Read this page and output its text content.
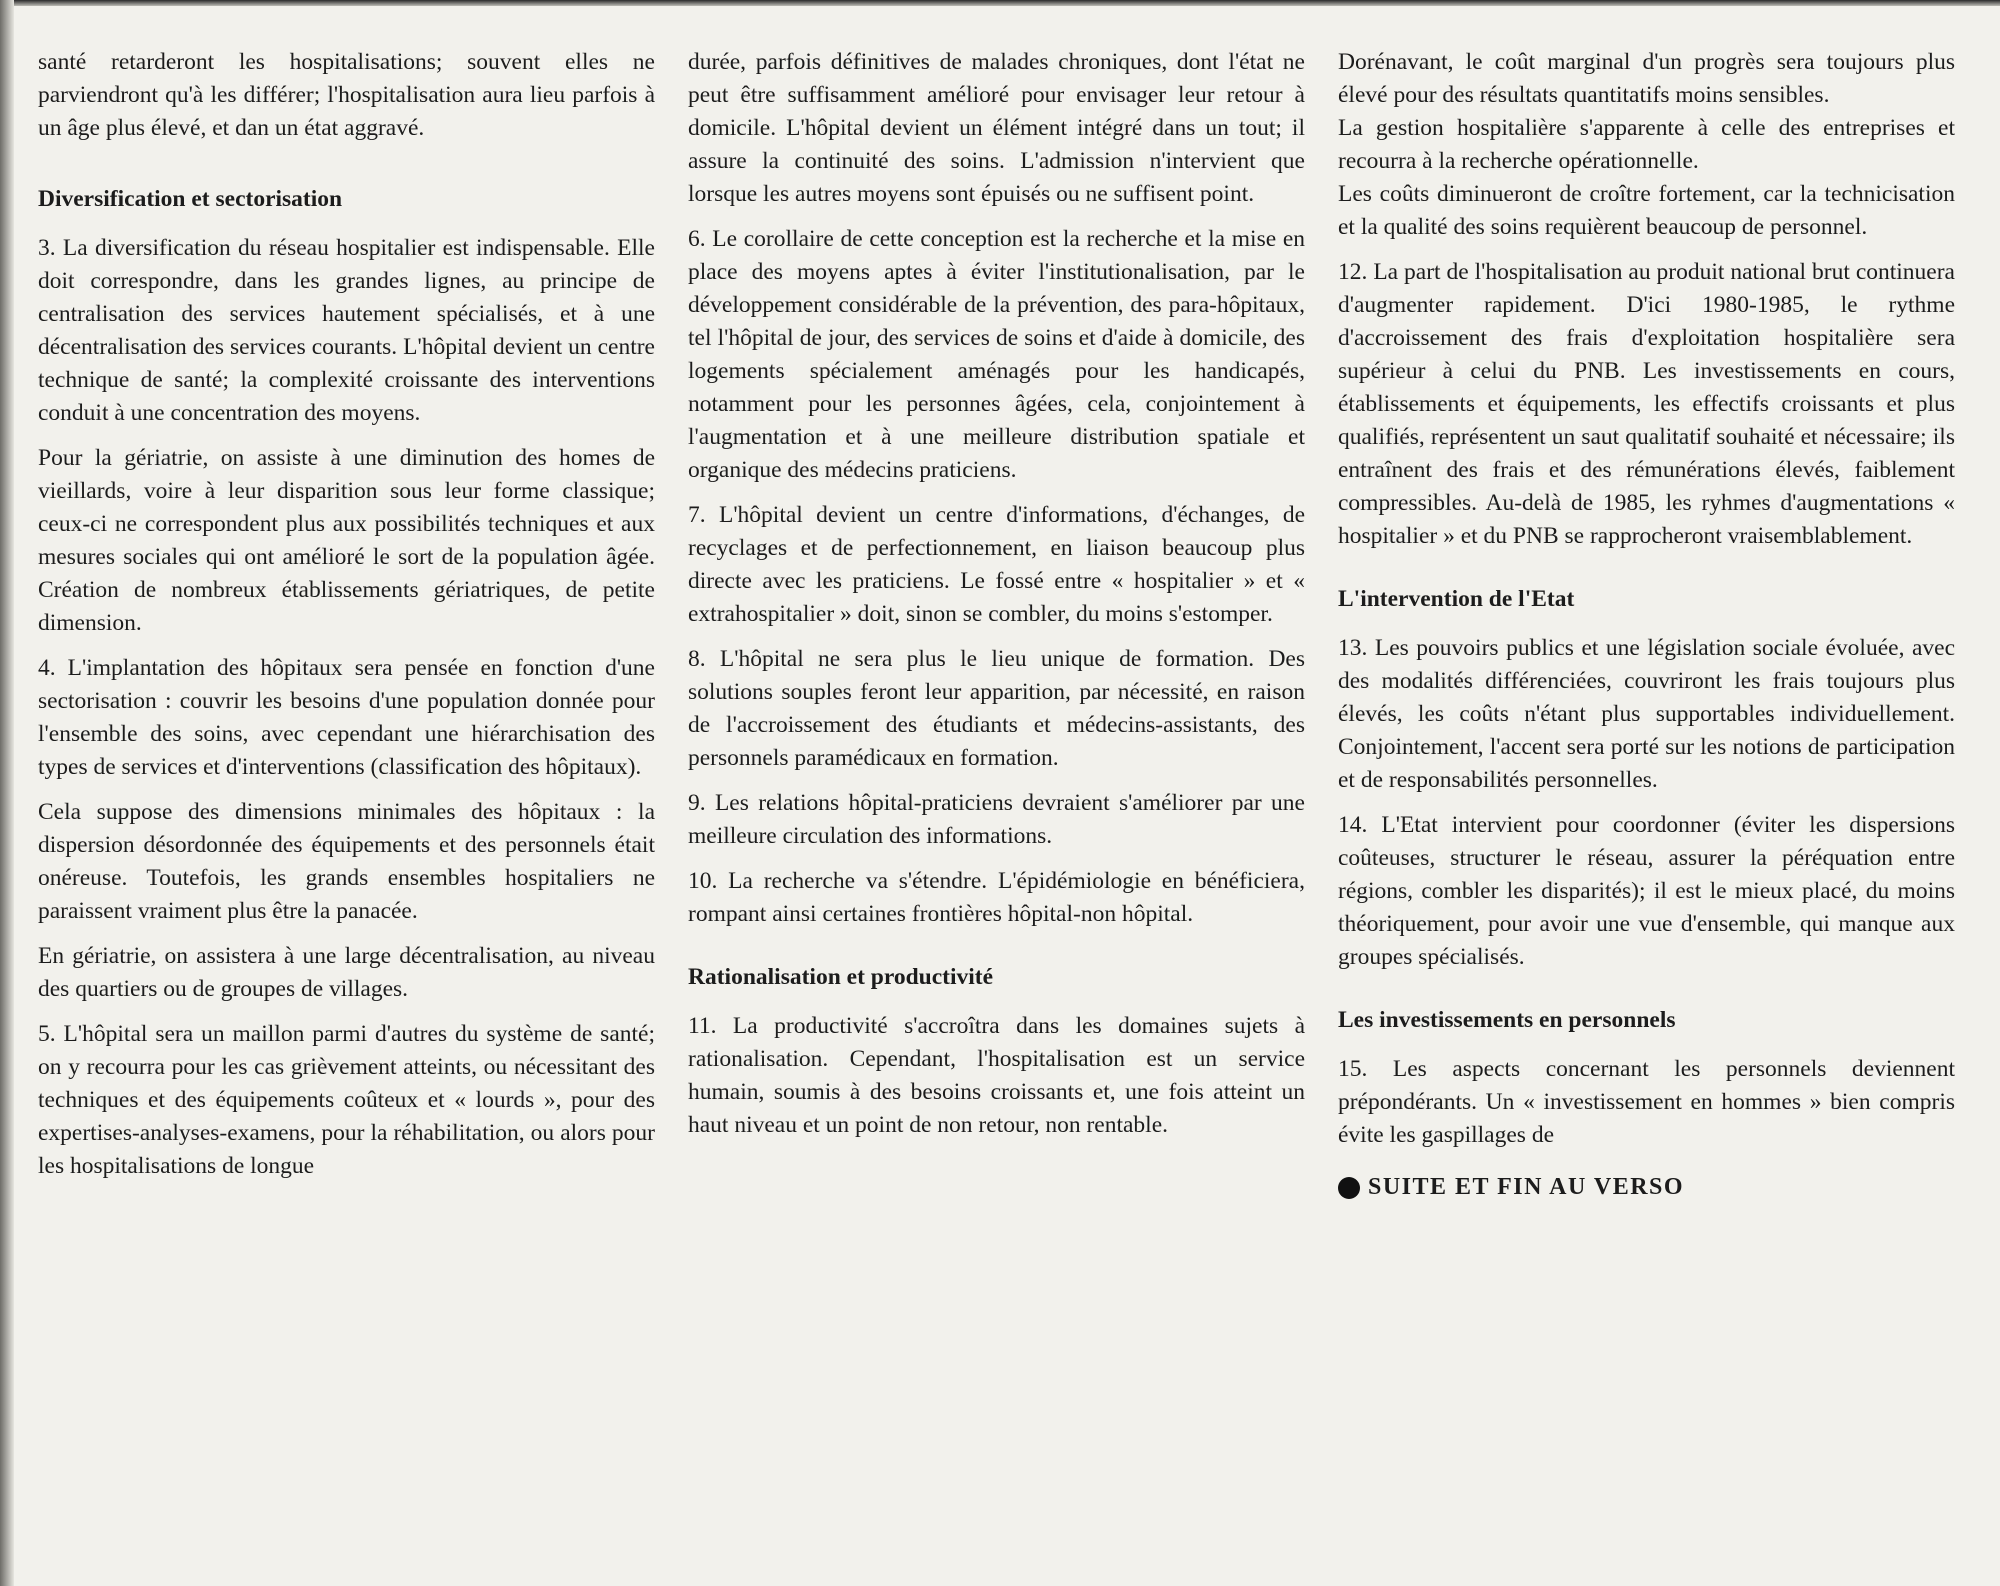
santé retarderont les hospitalisations; souvent elles ne parviendront qu'à les différer; l'hospitalisation aura lieu parfois à un âge plus élevé, et dan un état aggravé.

Diversification et sectorisation

3. La diversification du réseau hospitalier est indispensable. Elle doit correspondre, dans les grandes lignes, au principe de centralisation des services hautement spécialisés, et à une décentralisation des services courants. L'hôpital devient un centre technique de santé; la complexité croissante des interventions conduit à une concentration des moyens.

Pour la gériatrie, on assiste à une diminution des homes de vieillards, voire à leur disparition sous leur forme classique; ceux-ci ne correspondent plus aux possibilités techniques et aux mesures sociales qui ont amélioré le sort de la population âgée. Création de nombreux établissements gériatriques, de petite dimension.

4. L'implantation des hôpitaux sera pensée en fonction d'une sectorisation : couvrir les besoins d'une population donnée pour l'ensemble des soins, avec cependant une hiérarchisation des types de services et d'interventions (classification des hôpitaux).

Cela suppose des dimensions minimales des hôpitaux : la dispersion désordonnée des équipements et des personnels était onéreuse. Toutefois, les grands ensembles hospitaliers ne paraissent vraiment plus être la panacée.

En gériatrie, on assistera à une large décentralisation, au niveau des quartiers ou de groupes de villages.

5. L'hôpital sera un maillon parmi d'autres du système de santé; on y recourra pour les cas grièvement atteints, ou nécessitant des techniques et des équipements coûteux et « lourds », pour des expertises-analyses-examens, pour la réhabilitation, ou alors pour les hospitalisations de longue

durée, parfois définitives de malades chroniques, dont l'état ne peut être suffisamment amélioré pour envisager leur retour à domicile. L'hôpital devient un élément intégré dans un tout; il assure la continuité des soins. L'admission n'intervient que lorsque les autres moyens sont épuisés ou ne suffisent point.

6. Le corollaire de cette conception est la recherche et la mise en place des moyens aptes à éviter l'institutionalisation, par le développement considérable de la prévention, des para-hôpitaux, tel l'hôpital de jour, des services de soins et d'aide à domicile, des logements spécialement aménagés pour les handicapés, notamment pour les personnes âgées, cela, conjointement à l'augmentation et à une meilleure distribution spatiale et organique des médecins praticiens.

7. L'hôpital devient un centre d'informations, d'échanges, de recyclages et de perfectionnement, en liaison beaucoup plus directe avec les praticiens. Le fossé entre « hospitalier » et « extrahospitalier » doit, sinon se combler, du moins s'estomper.

8. L'hôpital ne sera plus le lieu unique de formation. Des solutions souples feront leur apparition, par nécessité, en raison de l'accroissement des étudiants et médecins-assistants, des personnels paramédicaux en formation.

9. Les relations hôpital-praticiens devraient s'améliorer par une meilleure circulation des informations.

10. La recherche va s'étendre. L'épidémiologie en bénéficiera, rompant ainsi certaines frontières hôpital-non hôpital.

Rationalisation et productivité

11. La productivité s'accroîtra dans les domaines sujets à rationalisation. Cependant, l'hospitalisation est un service humain, soumis à des besoins croissants et, une fois atteint un haut niveau et un point de non retour, non rentable.

Dorénavant, le coût marginal d'un progrès sera toujours plus élevé pour des résultats quantitatifs moins sensibles.

La gestion hospitalière s'apparente à celle des entreprises et recourra à la recherche opérationnelle.

Les coûts diminueront de croître fortement, car la technicisation et la qualité des soins requièrent beaucoup de personnel.

12. La part de l'hospitalisation au produit national brut continuera d'augmenter rapidement. D'ici 1980-1985, le rythme d'accroissement des frais d'exploitation hospitalière sera supérieur à celui du PNB. Les investissements en cours, établissements et équipements, les effectifs croissants et plus qualifiés, représentent un saut qualitatif souhaité et nécessaire; ils entraînent des frais et des rémunérations élevés, faiblement compressibles. Au-delà de 1985, les ryhmes d'augmentations « hospitalier » et du PNB se rapprocheront vraisemblablement.

L'intervention de l'Etat

13. Les pouvoirs publics et une législation sociale évoluée, avec des modalités différenciées, couvriront les frais toujours plus élevés, les coûts n'étant plus supportables individuellement. Conjointement, l'accent sera porté sur les notions de participation et de responsabilités personnelles.

14. L'Etat intervient pour coordonner (éviter les dispersions coûteuses, structurer le réseau, assurer la péréquation entre régions, combler les disparités); il est le mieux placé, du moins théoriquement, pour avoir une vue d'ensemble, qui manque aux groupes spécialisés.

Les investissements en personnels

15. Les aspects concernant les personnels deviennent prépondérants. Un « investissement en hommes » bien compris évite les gaspillages de

SUITE ET FIN AU VERSO
